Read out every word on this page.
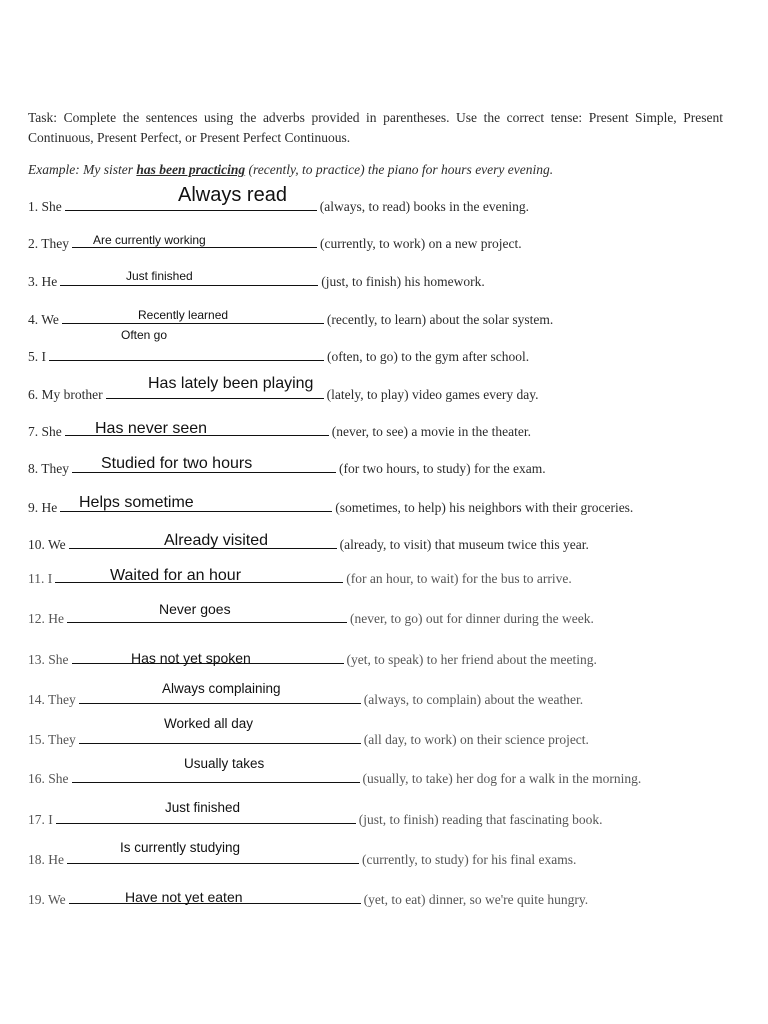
Task: Complete the sentences using the adverbs provided in parentheses. Use the correct tense: Present Simple, Present Continuous, Present Perfect, or Present Perfect Continuous.
Example: My sister has been practicing (recently, to practice) the piano for hours every evening.
1. She	(always, to read) books in the evening.
Always read
2. They	(currently, to work) on a new project.
Are currently working
3. He	(just, to finish) his homework.
Just finished
4. We	(recently, to learn) about the solar system.
Recently learned
5. I	(often, to go) to the gym after school.
Often go
6. My brother	(lately, to play) video games every day.
Has lately been playing
7. She	(never, to see) a movie in the theater.
Has never seen
8. They	(for two hours, to study) for the exam.
Studied for two hours
9. He	(sometimes, to help) his neighbors with their groceries.
Helps sometime
10. We	(already, to visit) that museum twice this year.
Already visited
11. I	(for an hour, to wait) for the bus to arrive.
Waited for an hour
12. He	(never, to go) out for dinner during the week.
Never goes
13. She	(yet, to speak) to her friend about the meeting.
Has not yet spoken
14. They	(always, to complain) about the weather.
Always complaining
15. They	(all day, to work) on their science project.
Worked all day
16. She	(usually, to take) her dog for a walk in the morning.
Usually takes
17. I	(just, to finish) reading that fascinating book.
Just finished
18. He	(currently, to study) for his final exams.
Is currently studying
19. We	(yet, to eat) dinner, so we're quite hungry.
Have not yet eaten
